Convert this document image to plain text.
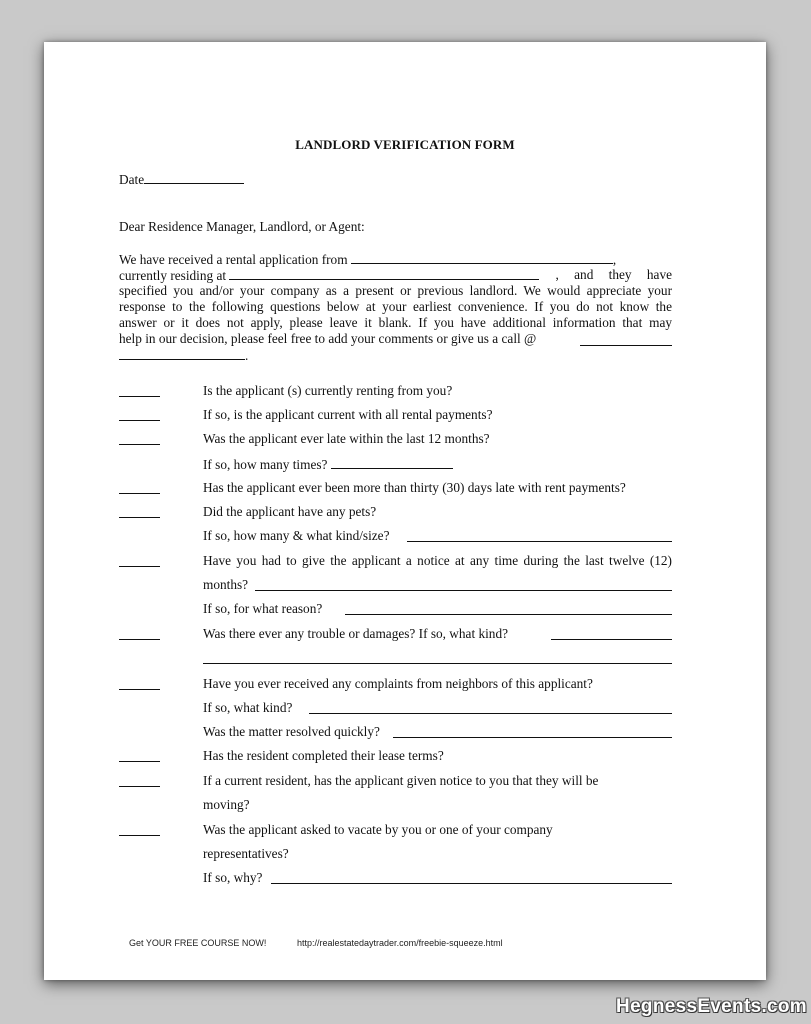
LANDLORD VERIFICATION FORM
Date
Dear Residence Manager, Landlord, or Agent:
We have received a rental application from	,
currently residing at	, and they have
specified you and/or your company as a present or previous landlord. We would appreciate your
response to the following questions below at your earliest convenience. If you do not know the
answer or it does not apply, please leave it blank. If you have additional information that may
help in our decision, please feel free to add your comments or give us a call @
.
Is the applicant (s) currently renting from you?
If so, is the applicant current with all rental payments?
Was the applicant ever late within the last 12 months?
If so, how many times?
Has the applicant ever been more than thirty (30) days late with rent payments?
Did the applicant have any pets?
If so, how many & what kind/size?
Have you had to give the applicant a notice at any time during the last twelve (12)
months?
If so, for what reason?
Was there ever any trouble or damages? If so, what kind?
Have you ever received any complaints from neighbors of this applicant?
If so, what kind?
Was the matter resolved quickly?
Has the resident completed their lease terms?
If a current resident, has the applicant given notice to you that they will be
moving?
Was the applicant asked to vacate by you or one of your company
representatives?
If so, why?
Get YOUR FREE COURSE NOW!	http://realestatedaytrader.com/freebie-squeeze.html
HegnessEvents.com
